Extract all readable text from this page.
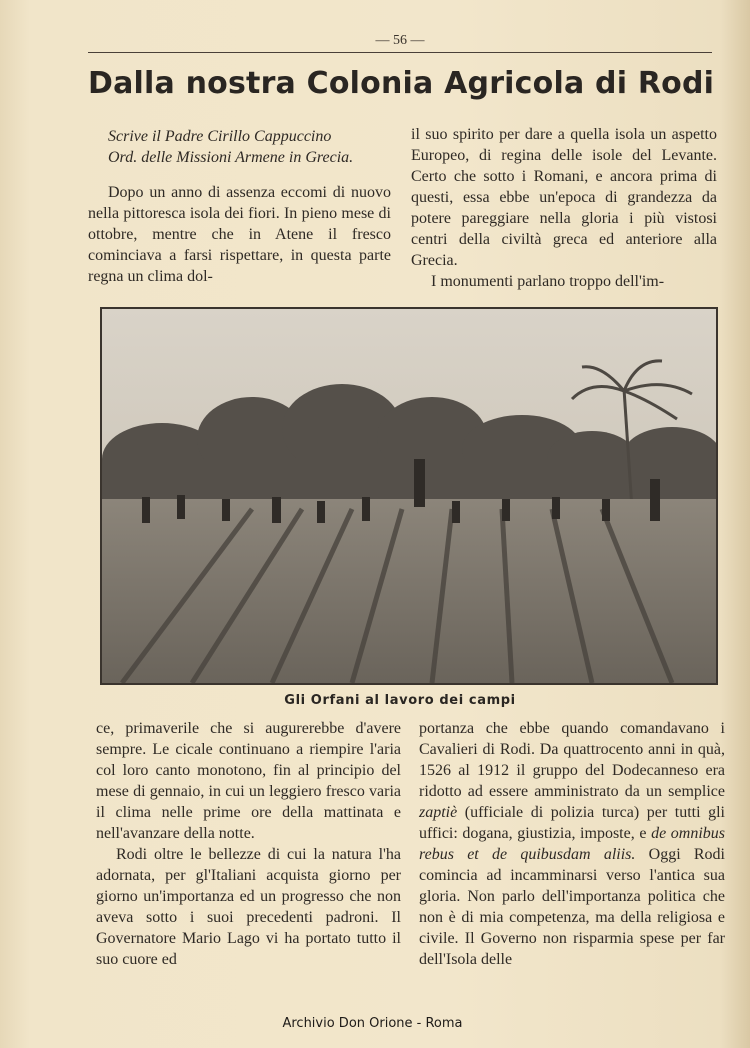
— 56 —
Dalla nostra Colonia Agricola di Rodi

Scrive il Padre Cirillo Cappuccino
Ord. delle Missioni Armene in Grecia.

Dopo un anno di assenza eccomi di nuovo nella pittoresca isola dei fiori. In pieno mese di ottobre, mentre che in Atene il fresco cominciava a farsi rispettare, in questa parte regna un clima dol-

il suo spirito per dare a quella isola un aspetto Europeo, di regina delle isole del Levante. Certo che sotto i Romani, e ancora prima di questi, essa ebbe un'epoca di grandezza da potere pareggiare nella gloria i più vistosi centri della civiltà greca ed anteriore alla Grecia.

I monumenti parlano troppo dell'im-

Gli Orfani al lavoro dei campi

ce, primaverile che si augurerebbe d'avere sempre. Le cicale continuano a riempire l'aria col loro canto monotono, fin al principio del mese di gennaio, in cui un leggiero fresco varia il clima nelle prime ore della mattinata e nell'avanzare della notte.

Rodi oltre le bellezze di cui la natura l'ha adornata, per gl'Italiani acquista giorno per giorno un'importanza ed un progresso che non aveva sotto i suoi precedenti padroni. Il Governatore Mario Lago vi ha portato tutto il suo cuore ed

portanza che ebbe quando comandavano i Cavalieri di Rodi. Da quattrocento anni in quà, 1526 al 1912 il gruppo del Dodecanneso era ridotto ad essere amministrato da un semplice zaptiè (ufficiale di polizia turca) per tutti gli uffici: dogana, giustizia, imposte, e de omnibus rebus et de quibusdam aliis. Oggi Rodi comincia ad incamminarsi verso l'antica sua gloria. Non parlo dell'importanza politica che non è di mia competenza, ma della religiosa e civile. Il Governo non risparmia spese per far dell'Isola delle

Archivio Don Orione - Roma
